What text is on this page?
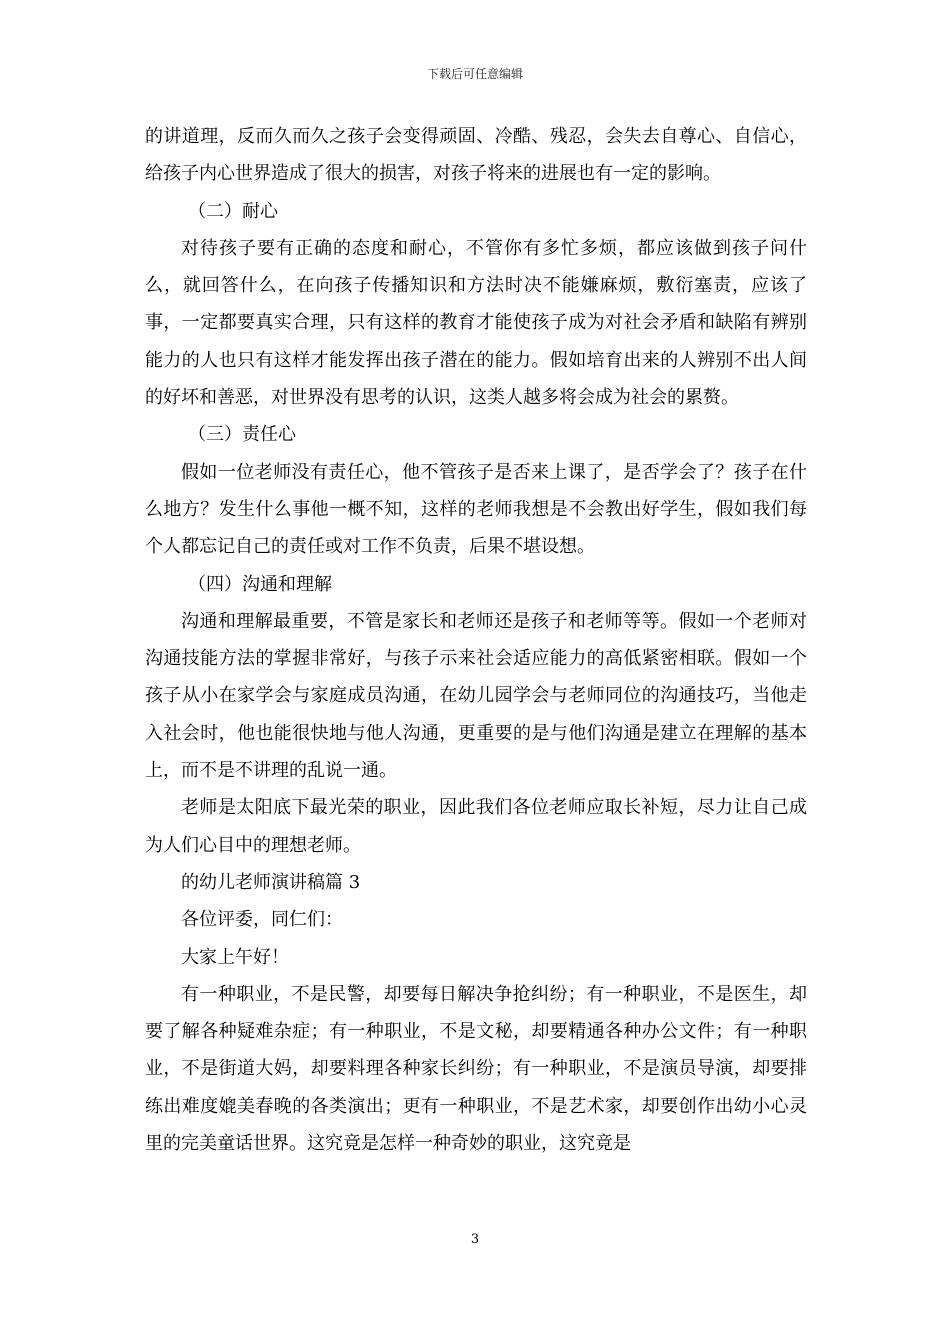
下载后可任意编辑

的讲道理，反而久而久之孩子会变得顽固、冷酷、残忍，会失去自尊心、自信心，给孩子内心世界造成了很大的损害，对孩子将来的进展也有一定的影响。

（二）耐心

对待孩子要有正确的态度和耐心，不管你有多忙多烦，都应该做到孩子问什么，就回答什么，在向孩子传播知识和方法时决不能嫌麻烦，敷衍塞责，应该了事，一定都要真实合理，只有这样的教育才能使孩子成为对社会矛盾和缺陷有辨别能力的人也只有这样才能发挥出孩子潜在的能力。假如培育出来的人辨别不出人间的好坏和善恶，对世界没有思考的认识，这类人越多将会成为社会的累赘。

（三）责任心

假如一位老师没有责任心，他不管孩子是否来上课了，是否学会了？孩子在什么地方？发生什么事他一概不知，这样的老师我想是不会教出好学生，假如我们每个人都忘记自己的责任或对工作不负责，后果不堪设想。

（四）沟通和理解

沟通和理解最重要，不管是家长和老师还是孩子和老师等等。假如一个老师对沟通技能方法的掌握非常好，与孩子示来社会适应能力的高低紧密相联。假如一个孩子从小在家学会与家庭成员沟通，在幼儿园学会与老师同位的沟通技巧，当他走入社会时，他也能很快地与他人沟通，更重要的是与他们沟通是建立在理解的基本上，而不是不讲理的乱说一通。

老师是太阳底下最光荣的职业，因此我们各位老师应取长补短，尽力让自己成为人们心目中的理想老师。

的幼儿老师演讲稿篇 3

各位评委，同仁们：

大家上午好！

有一种职业，不是民警，却要每日解决争抢纠纷；有一种职业，不是医生，却要了解各种疑难杂症；有一种职业，不是文秘，却要精通各种办公文件；有一种职业，不是街道大妈，却要料理各种家长纠纷；有一种职业，不是演员导演，却要排练出难度媲美春晚的各类演出；更有一种职业，不是艺术家，却要创作出幼小心灵里的完美童话世界。这究竟是怎样一种奇妙的职业，这究竟是

3
